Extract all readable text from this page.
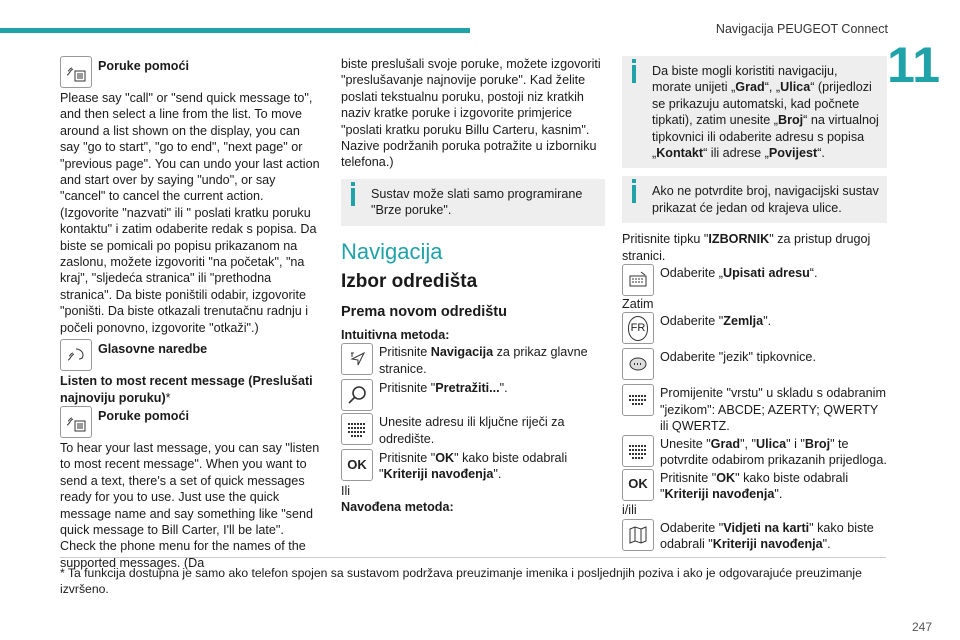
Navigacija PEUGEOT Connect
11
Poruke pomoći

Please say "call" or "send quick message to", and then select a line from the list. To move around a list shown on the display, you can say "go to start", "go to end", "next page" or "previous page". You can undo your last action and start over by saying "undo", or say "cancel" to cancel the current action. (Izgovorite "nazvati" ili " poslati kratku poruku kontaktu" i zatim odaberite redak s popisa. Da biste se pomicali po popisu prikazanom na zaslonu, možete izgovoriti "na početak", "na kraj", "sljedeća stranica" ili "prethodna stranica". Da biste poništili odabir, izgovorite "poništi. Da biste otkazali trenutačnu radnju i počeli ponovno, izgovorite "otkaži".)

Glasovne naredbe

Listen to most recent message (Preslušati najnoviju poruku)*

Poruke pomoći

To hear your last message, you can say "listen to most recent message". When you want to send a text, there's a set of quick messages ready for you to use. Just use the quick message name and say something like "send quick message to Bill Carter, I'll be late". Check the phone menu for the names of the supported messages. (Da

biste preslušali svoje poruke, možete izgovoriti "preslušavanje najnovije poruke". Kad želite poslati tekstualnu poruku, postoji niz kratkih naziv kratke poruke i izgovorite primjerice "poslati kratku poruku Billu Carteru, kasnim". Nazive podržanih poruka potražite u izborniku telefona.)

Sustav može slati samo programirane "Brze poruke".
Navigacija
Izbor odredišta
Prema novom odredištu

Intuitivna metoda:

Pritisnite Navigacija za prikaz glavne stranice.

Pritisnite "Pretražiti...".

Unesite adresu ili ključne riječi za odredište.

OK Pritisnite "OK" kako biste odabrali "Kriteriji navođenja".

Ili

Navođena metoda:

Da biste mogli koristiti navigaciju, morate unijeti „Grad“, „Ulica“ (prijedlozi se prikazuju automatski, kad počnete tipkati), zatim unesite „Broj“ na virtualnoj tipkovnici ili odaberite adresu s popisa „Kontakt“ ili adrese „Povijest“.
Ako ne potvrdite broj, navigacijski sustav prikazat će jedan od krajeva ulice.

Pritisnite tipku "IZBORNIK" za pristup drugoj stranici.

Odaberite „Upisati adresu“.

Zatim

FR Odaberite "Zemlja".

Odaberite "jezik" tipkovnice.

Promijenite "vrstu" u skladu s odabranim "jezikom": ABCDE; AZERTY; QWERTY ili QWERTZ.

Unesite "Grad", "Ulica" i "Broj" te potvrdite odabirom prikazanih prijedloga.

OK Pritisnite "OK" kako biste odabrali "Kriteriji navođenja".

i/ili

Odaberite "Vidjeti na karti" kako biste odabrali "Kriteriji navođenja".

* Ta funkcija dostupna je samo ako telefon spojen sa sustavom podržava preuzimanje imenika i posljednjih poziva i ako je odgovarajuće preuzimanje izvršeno.
247
